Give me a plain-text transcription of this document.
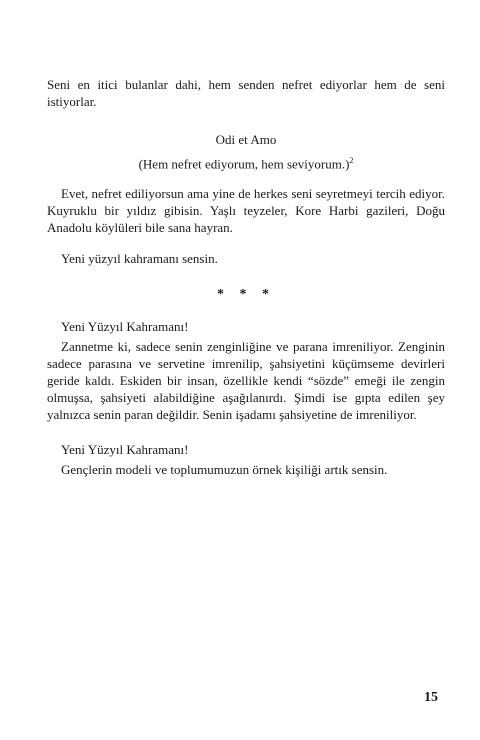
Seni en itici bulanlar dahi, hem senden nefret ediyorlar hem de seni istiyorlar.

Odi et Amo

(Hem nefret ediyorum, hem seviyorum.)$^2$

Evet, nefret ediliyorsun ama yine de herkes seni seyretmeyi tercih ediyor. Kuyruklu bir yıldız gibisin. Yaşlı teyzeler, Kore Harbi gazileri, Doğu Anadolu köylüleri bile sana hayran.

Yeni yüzyıl kahramanı sensin.

* * *

Yeni Yüzyıl Kahramanı!

Zannetme ki, sadece senin zenginliğine ve parana imreniliyor. Zenginin sadece parasına ve servetine imrenilip, şahsiyetini küçümseme devirleri geride kaldı. Eskiden bir insan, özellikle kendi “sözde” emeği ile zengin olmuşsa, şahsiyeti alabildiğine aşağılanırdı. Şimdi ise gıpta edilen şey yalnızca senin paran değildir. Senin işadamı şahsiyetine de imreniliyor.

Yeni Yüzyıl Kahramanı!

Gençlerin modeli ve toplumumuzun örnek kişiliği artık sensin.

15
